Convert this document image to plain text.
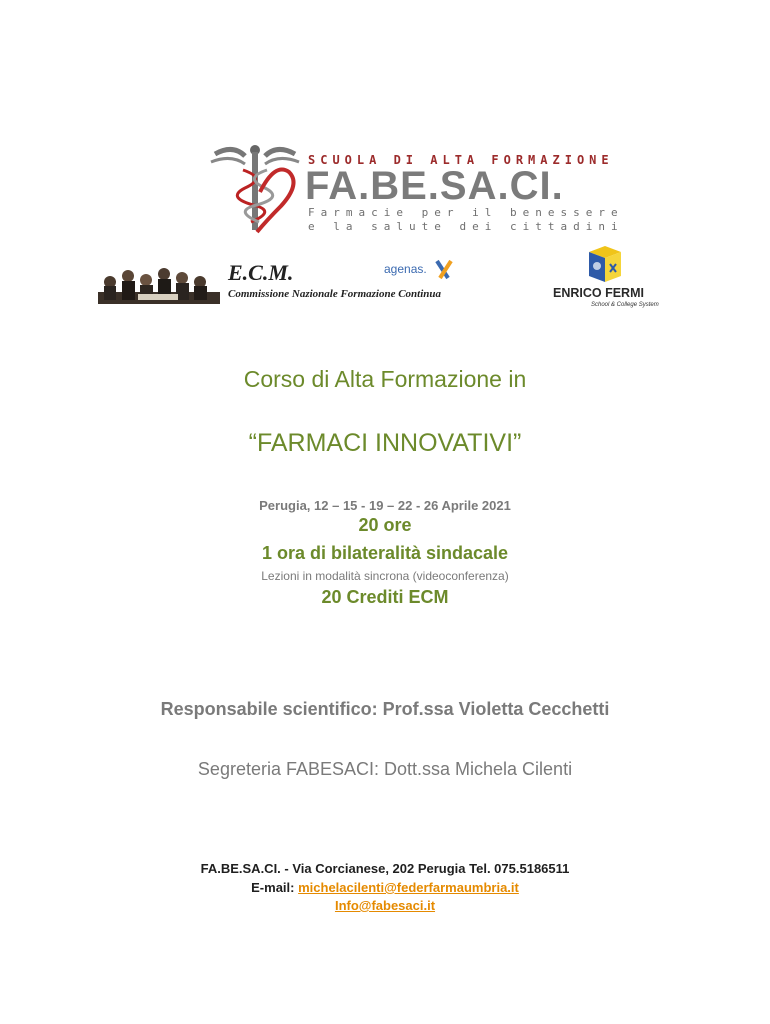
SCUOLA DI ALTA FORMAZIONE
FA.BE.SA.CI.
Farmacie per il benessere
e la salute dei cittadini
E.C.M.
Commissione Nazionale Formazione Continua
agenas.
ENRICO FERMI
School & College System
Corso di Alta Formazione in
“FARMACI INNOVATIVI”
Perugia, 12 – 15 - 19 – 22 - 26 Aprile 2021
20 ore
1 ora di bilateralità sindacale
Lezioni in modalità sincrona (videoconferenza)
20 Crediti ECM
Responsabile scientifico: Prof.ssa Violetta Cecchetti
Segreteria FABESACI: Dott.ssa Michela Cilenti
FA.BE.SA.CI. - Via Corcianese, 202 Perugia Tel. 075.5186511
E-mail: michelacilenti@federfarmaumbria.it
Info@fabesaci.it
